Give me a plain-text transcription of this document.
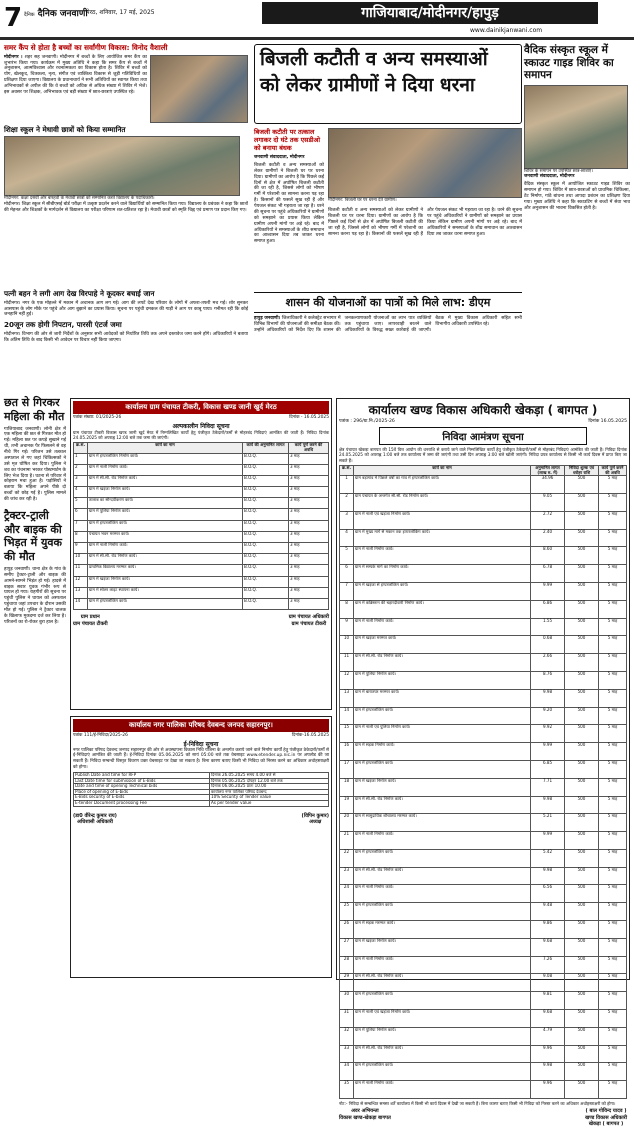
7 दैनिक दैनिक जनवाणी
मेरठ, शनिवार, 17 मई, 2025	गाजियाबाद/मोदीनगर/हापुड़
www.dainikjanwani.com
समर कैंप से होता है बच्चों का सर्वांगीण विकास: विनोद वैशाली

मोदीनगर । शहर सह जनवाणी। मोदीनगर में बच्चों के लिए आयोजित समर कैंप का शुभारंभ किया गया। कार्यक्रम में मुख्य अतिथि ने कहा कि समर कैंप से बच्चों में अनुशासन, आत्मविश्वास और रचनात्मकता का विकास होता है। शिविर में बच्चों को योग, खेलकूद, चित्रकला, नृत्य, संगीत एवं व्यक्तित्व विकास से जुड़ी गतिविधियों का प्रशिक्षण दिया जाएगा। विद्यालय के प्रधानाचार्य ने सभी अतिथियों का स्वागत किया तथा अभिभावकों से अपील की कि वे बच्चों को अधिक से अधिक संख्या में शिविर में भेजें। इस अवसर पर शिक्षक, अभिभावक एवं बड़ी संख्या में छात्र-छात्राएं उपस्थित रहे।

शिक्षा स्कूल ने मेधावी छात्रों को किया सम्मानित
मोदीनगर: कक्षा दसवीं और बारहवीं के मेधावी छात्रों को सम्मानित करते विद्यालय के पदाधिकारी।

मोदीनगर। शिक्षा स्कूल में सीबीएसई बोर्ड परीक्षा में उत्कृष्ट प्रदर्शन करने वाले विद्यार्थियों को सम्मानित किया गया। विद्यालय के प्रबंधक ने कहा कि छात्रों की मेहनत और शिक्षकों के मार्गदर्शन से विद्यालय का परीक्षा परिणाम शत-प्रतिशत रहा है। मेधावी छात्रों को स्मृति चिह्न एवं प्रमाण पत्र प्रदान किए गए।

पत्नी बहन ने लगी आग देख विरपाहे ने कूदकर बचाई जान

मोदीनगर। नगर के एक मोहल्ले में मकान में अचानक आग लग गई। आग की लपटें देख परिवार के लोगों में अफरा-तफरी मच गई। शोर सुनकर आसपास के लोग मौके पर पहुंचे और आग बुझाने का प्रयास किया। सूचना पर पहुंची दमकल की गाड़ी ने आग पर काबू पाया। गनीमत रही कि कोई जनहानि नहीं हुई।

20जून तक होगी निपटान, पारसी एंटर्ज जमा

मोदीनगर। विभाग की ओर से जारी निर्देशों के अनुसार सभी आवेदकों को निर्धारित तिथि तक अपने दस्तावेज जमा करने होंगे। अधिकारियों ने बताया कि अंतिम तिथि के बाद किसी भी आवेदन पर विचार नहीं किया जाएगा।

छत से गिरकर महिला की मौत

गाजियाबाद जनवाणी। लोनी क्षेत्र में एक महिला की छत से गिरकर मौत हो गई। महिला छत पर कपड़े सुखाने गई थी, तभी अचानक पैर फिसलने से वह नीचे गिर गई। परिजन उसे तत्काल अस्पताल ले गए जहां चिकित्सकों ने उसे मृत घोषित कर दिया। पुलिस ने शव का पंचनामा भरकर पोस्टमार्टम के लिए भेज दिया है। घटना से परिवार में कोहराम मचा हुआ है। पड़ोसियों ने बताया कि महिला अपने पीछे दो बच्चों को छोड़ गई है। पुलिस मामले की जांच कर रही है।

ट्रैक्टर-ट्राली और बाइक की भिड़त में युवक की मौत

हापुड़ जनवाणी। थाना क्षेत्र के गांव के समीप ट्रैक्टर-ट्राली और बाइक की आमने-सामने भिड़ंत हो गई। हादसे में बाइक सवार युवक गंभीर रूप से घायल हो गया। राहगीरों की सूचना पर पहुंची पुलिस ने घायल को अस्पताल पहुंचाया जहां उपचार के दौरान उसकी मौत हो गई। पुलिस ने ट्रैक्टर चालक के खिलाफ मुकदमा दर्ज कर लिया है। परिजनों का रो-रोकर बुरा हाल है।

कार्यालय ग्राम पंचायत टीकरी, विकास खण्ड जानी खुर्द मेरठ
पत्रांक संख्या: 01/2025-26	दिनांक - 16.05.2025
अल्पकालीन निविदा सूचना

ग्राम पंचायत टीकरी विकास खण्ड जानी खुर्द मेरठ में निम्नलिखित कार्यों हेतु पंजीकृत ठेकेदारों/फर्मों से मोहरबंद निविदाएं आमंत्रित की जाती हैं। निविदा दिनांक 24.05.2025 को अपराह्न 12:00 बजे तक जमा की जाएंगी।

क्र.सं.	कार्य का नाम	कार्य की अनुमानित लागत	कार्य पूर्ण करने की अवधि
1	ग्राम में इण्टरलॉकिंग निर्माण कार्य।	B.O.Q.	3 माह
2	ग्राम में नाली निर्माण कार्य।	B.O.Q.	3 माह
3	ग्राम में सी.सी. रोड निर्माण कार्य।	B.O.Q.	3 माह
4	ग्राम में खड़ंजा निर्माण कार्य।	B.O.Q.	3 माह
5	तालाब का सौन्दर्यीकरण कार्य।	B.O.Q.	3 माह
6	ग्राम में पुलिया निर्माण कार्य।	B.O.Q.	3 माह
7	ग्राम में इण्टरलॉकिंग कार्य।	B.O.Q.	3 माह
8	पंचायत भवन मरम्मत कार्य।	B.O.Q.	3 माह
9	ग्राम में नाली निर्माण कार्य।	B.O.Q.	3 माह
10	ग्राम में सी.सी. रोड निर्माण कार्य।	B.O.Q.	3 माह
11	प्राथमिक विद्यालय मरम्मत कार्य।	B.O.Q.	3 माह
12	ग्राम में खड़ंजा निर्माण कार्य।	B.O.Q.	3 माह
13	ग्राम में सोलर लाइट स्थापना कार्य।	B.O.Q.	3 माह
14	ग्राम में इण्टरलॉकिंग कार्य।	B.O.Q.	3 माह
ग्राम प्रधान
ग्राम पंचायत टीकरी
ग्राम पंचायत अधिकारी
ग्राम पंचायत टीकरी
कार्यालय नगर पालिका परिषद देवबन्द जनपद सहारनपुर।
पत्रांक 111/ई-निविदा/2025-26	दिनांक-16.05.2025
ई-निविदा सूचना

नगर पालिका परिषद देवबन्द जनपद सहारनपुर की ओर से अवस्थापना विकास निधि योजना के अन्तर्गत कराये जाने वाले निर्माण कार्यों हेतु पंजीकृत ठेकेदारों/फर्मों से ई-निविदाएं आमंत्रित की जाती हैं। ई-निविदा दिनांक 05.06.2025 को सायं 05:00 बजे तक वेबसाइट www.etender.up.nic.in पर अपलोड की जा सकती हैं। निविदा सम्बन्धी विस्तृत विवरण उक्त वेबसाइट पर देखा जा सकता है। बिना कारण बताए किसी भी निविदा को निरस्त करने का अधिकार अधोहस्ताक्षरी को होगा।

Publish Date and time for RFP	दिनांक 26.05.2025 समय 4.00 बजे से
Last Date time for submission of E-Bids	दिनांक 05.06.2025 दोपहर 12.00 बजे तक
Date and time of opening Technical bids	दिनांक 06.06.2025 प्रातः 10.00
Place of opening of E-bids	कार्यालय नगर पालिका परिषद देवबन्द
E-Bids security of E-bids	10% Security of Tender value
E-tender Document processing Fee	As per tender value
(डा0 वीरेन्द्र कुमार राय)
अधिशासी अधिकारी
(विपिन कुमार)
अध्यक्ष
बिजली कटौती व अन्य समस्याओं
को लेकर ग्रामीणों ने दिया धरना
बिजली कटौती पर तत्काल लगाकर दो घंटे तक एसडीओ को बनाया बंधक

जनवाणी संवाददाता, मोदीनगर

बिजली कटौती व अन्य समस्याओं को लेकर ग्रामीणों ने बिजली घर पर धरना दिया। ग्रामीणों का आरोप है कि पिछले कई दिनों से क्षेत्र में अघोषित बिजली कटौती की जा रही है, जिससे लोगों को भीषण गर्मी में परेशानी का सामना करना पड़ रहा है। किसानों की फसलें सूख रही हैं और पेयजल संकट भी गहराता जा रहा है। धरने की सूचना पर पहुंचे अधिकारियों ने ग्रामीणों को समझाने का प्रयास किया लेकिन ग्रामीण अपनी मांगों पर अड़े रहे। बाद में अधिकारियों ने समस्याओं के शीघ्र समाधान का आश्वासन दिया तब जाकर धरना समाप्त हुआ।

मोदीनगर: बिजली घर पर धरना देते ग्रामीण।

बिजली कटौती व अन्य समस्याओं को लेकर ग्रामीणों ने बिजली घर पर धरना दिया। ग्रामीणों का आरोप है कि पिछले कई दिनों से क्षेत्र में अघोषित बिजली कटौती की जा रही है, जिससे लोगों को भीषण गर्मी में परेशानी का सामना करना पड़ रहा है। किसानों की फसलें सूख रही हैं और पेयजल संकट भी गहराता जा रहा है। धरने की सूचना पर पहुंचे अधिकारियों ने ग्रामीणों को समझाने का प्रयास किया लेकिन ग्रामीण अपनी मांगों पर अड़े रहे। बाद में अधिकारियों ने समस्याओं के शीघ्र समाधान का आश्वासन दिया तब जाकर धरना समाप्त हुआ।

शासन की योजनाओं का पात्रों को मिले लाभ: डीएम

हापुड़ जनवाणी। जिलाधिकारी ने कलेक्ट्रेट सभागार में विभिन्न विभागों की योजनाओं की समीक्षा बैठक की। उन्होंने अधिकारियों को निर्देश दिए कि शासन की जनकल्याणकारी योजनाओं का लाभ पात्र व्यक्तियों तक पहुंचाया जाए। लापरवाही बरतने वाले अधिकारियों के विरुद्ध सख्त कार्रवाई की जाएगी। बैठक में मुख्य विकास अधिकारी सहित सभी विभागीय अधिकारी उपस्थित रहे।

वैदिक संस्कृत स्कूल में स्काउट गाइड शिविर का समापन
शिविर के समापन पर उपस्थित छात्र-छात्राएं।

जनवाणी संवाददाता, मोदीनगर

वैदिक संस्कृत स्कूल में आयोजित स्काउट गाइड शिविर का समापन हो गया। शिविर में छात्र-छात्राओं को प्राथमिक चिकित्सा, टेंट निर्माण, गांठें बांधना तथा आपदा प्रबंधन का प्रशिक्षण दिया गया। मुख्य अतिथि ने कहा कि स्काउटिंग से बच्चों में सेवा भाव और अनुशासन की भावना विकसित होती है।

कार्यालय खण्ड विकास अधिकारी खेकड़ा ( बागपत )
पत्रांक : 296/ग्रा.नि./2025-26	दिनांक 16.05.2025
निविदा आमंत्रण सूचना

क्षेत्र पंचायत खेकड़ा बागपत की 15वें वित्त आयोग की धनराशि से कराये जाने वाले निम्नलिखित कार्यों हेतु पंजीकृत ठेकेदारों/फर्मों से मोहरबंद निविदाएं आमंत्रित की जाती हैं। निविदा दिनांक 24.05.2025 को अपराह्न 1:00 बजे तक कार्यालय में जमा की जाएंगी तथा उसी दिन अपराह्न 3:00 बजे खोली जाएंगी। निविदा प्रपत्र कार्यालय से किसी भी कार्य दिवस में प्राप्त किए जा सकते हैं।

क्र.सं.	कार्य का नाम	अनुमानित लागत (लाख रु. में)	निविदा शुल्क एवं धरोहर राशि	कार्य पूर्ण करने की अवधि
1	ग्राम बड़ागांव में पिछले वर्षों का गांव में इण्टरलॉकिंग कार्य।	34.96	500	5 माह
2	ग्राम पंचायत के अन्तर्गत सी.सी. रोड निर्माण कार्य।	9.05	500	5 माह
3	ग्राम में नाली एवं खड़ंजा निर्माण कार्य।	2.72	500	5 माह
4	ग्राम में मुख्य मार्ग से मकान तक इण्टरलॉकिंग कार्य।	2.40	500	5 माह
5	ग्राम में नाली निर्माण कार्य।	8.60	500	5 माह
6	ग्राम में सम्पर्क मार्ग का निर्माण कार्य।	6.78	500	5 माह
7	ग्राम में खड़ंजा से इण्टरलॉकिंग कार्य।	9.99	500	5 माह
8	ग्राम में कब्रिस्तान की चहारदीवारी निर्माण कार्य।	6.86	500	5 माह
9	ग्राम में नाली निर्माण कार्य।	1.55	500	5 माह
10	ग्राम में खड़ंजा मरम्मत कार्य।	0.68	500	5 माह
11	ग्राम में सी.सी. रोड निर्माण कार्य।	2.66	500	5 माह
12	ग्राम में पुलिया निर्माण कार्य।	8.76	500	5 माह
13	ग्राम में बारातघर मरम्मत कार्य।	9.98	500	5 माह
14	ग्राम में इण्टरलॉकिंग कार्य।	9.20	500	5 माह
15	ग्राम में नाली एवं पुलिया निर्माण कार्य।	9.92	500	5 माह
16	ग्राम में सड़क निर्माण कार्य।	9.99	500	5 माह
17	ग्राम में इण्टरलॉकिंग कार्य।	6.85	500	5 माह
18	ग्राम में खड़ंजा निर्माण कार्य।	7.71	500	5 माह
19	ग्राम में सी.सी. रोड निर्माण कार्य।	9.98	500	5 माह
20	ग्राम में सामुदायिक शौचालय मरम्मत कार्य।	5.21	500	5 माह
21	ग्राम में नाली निर्माण कार्य।	9.99	500	5 माह
22	ग्राम में इण्टरलॉकिंग कार्य।	5.42	500	5 माह
23	ग्राम में सी.सी. रोड निर्माण कार्य।	9.98	500	5 माह
24	ग्राम में नाली निर्माण कार्य।	6.56	500	5 माह
25	ग्राम में इण्टरलॉकिंग कार्य।	9.48	500	5 माह
26	ग्राम में सड़क मरम्मत कार्य।	9.86	500	5 माह
27	ग्राम में खड़ंजा निर्माण कार्य।	9.68	500	5 माह
28	ग्राम में नाली निर्माण कार्य।	7.26	500	5 माह
29	ग्राम में सी.सी. रोड निर्माण कार्य।	9.08	500	5 माह
30	ग्राम में इण्टरलॉकिंग कार्य।	9.81	500	5 माह
31	ग्राम में नाली एवं खड़ंजा निर्माण कार्य।	9.68	500	5 माह
32	ग्राम में पुलिया निर्माण कार्य।	4.79	500	5 माह
33	ग्राम में सी.सी. रोड निर्माण कार्य।	9.96	500	5 माह
34	ग्राम में इण्टरलॉकिंग कार्य।	9.98	500	5 माह
35	ग्राम में नाली निर्माण कार्य।	9.96	500	5 माह

नोट:- निविदा से सम्बन्धित समस्त शर्तें कार्यालय में किसी भी कार्य दिवस में देखी जा सकती हैं। बिना कारण बताए किसी भी निविदा को निरस्त करने का अधिकार अधोहस्ताक्षरी को होगा।

अवर अभियन्ता
विकास खण्ड-खेकड़ा बागपत
( बाल गोविन्द यादव )
खण्ड विकास अधिकारी
खेकड़ा ( बागपत )
